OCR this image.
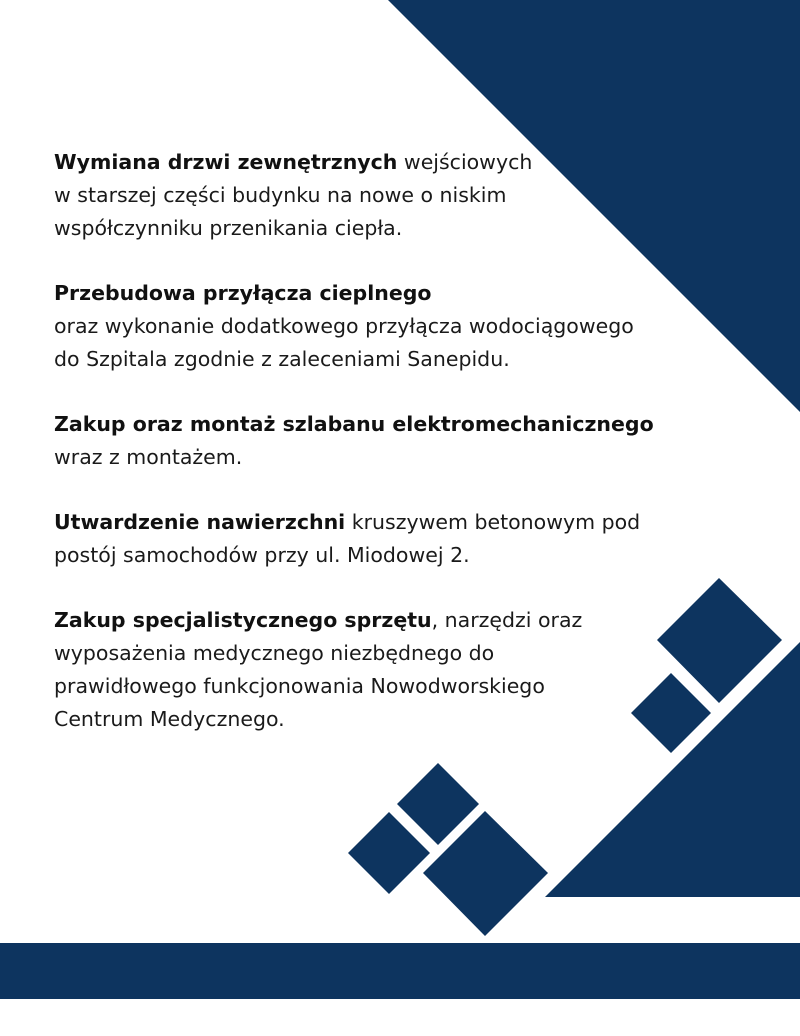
Wymiana drzwi zewnętrznych wejściowych
w starszej części budynku na nowe o niskim
współczynniku przenikania ciepła.

Przebudowa przyłącza cieplnego
oraz wykonanie dodatkowego przyłącza wodociągowego
do Szpitala zgodnie z zaleceniami Sanepidu.

Zakup oraz montaż szlabanu elektromechanicznego
wraz z montażem.

Utwardzenie nawierzchni kruszywem betonowym pod
postój samochodów przy ul. Miodowej 2.

Zakup specjalistycznego sprzętu, narzędzi oraz
wyposażenia medycznego niezbędnego do
prawidłowego funkcjonowania Nowodworskiego
Centrum Medycznego.
